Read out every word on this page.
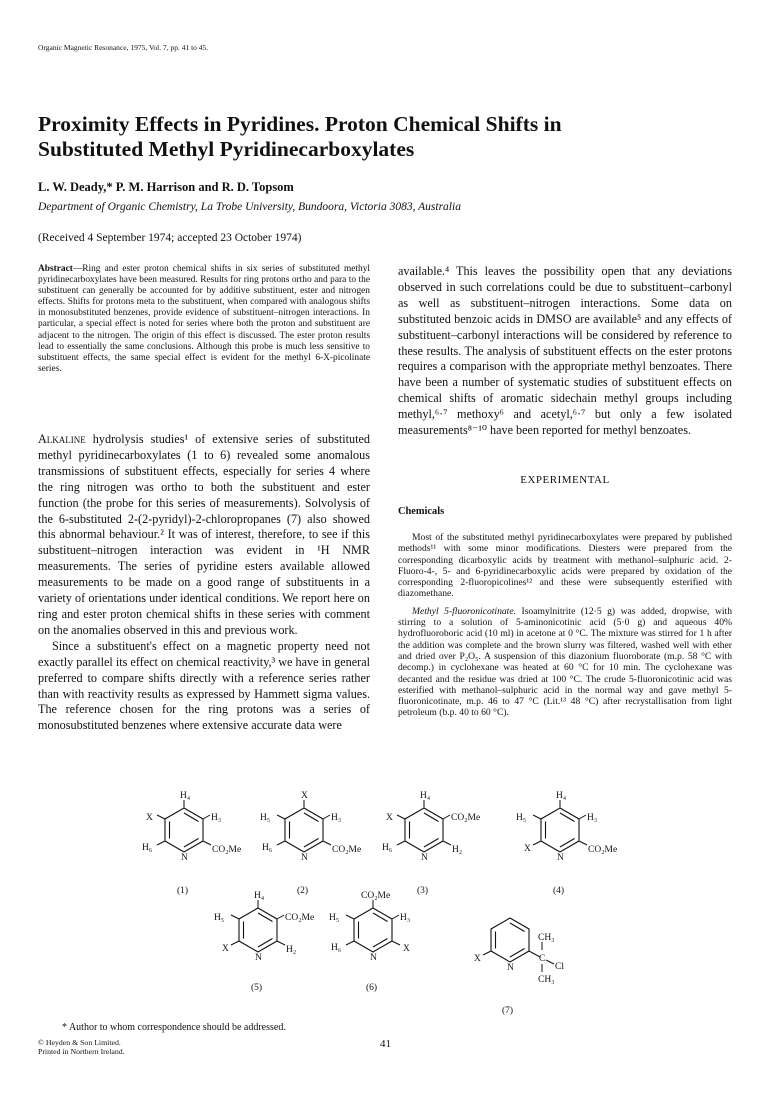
Organic Magnetic Resonance, 1975, Vol. 7, pp. 41 to 45.
Proximity Effects in Pyridines. Proton Chemical Shifts in
Substituted Methyl Pyridinecarboxylates
L. W. Deady,* P. M. Harrison and R. D. Topsom
Department of Organic Chemistry, La Trobe University, Bundoora, Victoria 3083, Australia
(Received 4 September 1974; accepted 23 October 1974)
Abstract—Ring and ester proton chemical shifts in six series of substituted methyl pyridinecarboxylates have been measured. Results for ring protons ortho and para to the substituent can generally be accounted for by additive substituent, ester and nitrogen effects. Shifts for protons meta to the substituent, when compared with analogous shifts in monosubstituted benzenes, provide evidence of substituent–nitrogen interactions. In particular, a special effect is noted for series where both the proton and substituent are adjacent to the nitrogen. The origin of this effect is discussed. The ester proton results lead to essentially the same conclusions. Although this probe is much less sensitive to substituent effects, the same special effect is evident for the methyl 6-X-picolinate series.

Alkaline hydrolysis studies¹ of extensive series of substituted methyl pyridinecarboxylates (1 to 6) revealed some anomalous transmissions of substituent effects, especially for series 4 where the ring nitrogen was ortho to both the substituent and ester function (the probe for this series of measurements). Solvolysis of the 6-substituted 2-(2-pyridyl)-2-chloropropanes (7) also showed this abnormal behaviour.² It was of interest, therefore, to see if this substituent–nitrogen interaction was evident in ¹H NMR measurements. The series of pyridine esters available allowed measurements to be made on a good range of substituents in a variety of orientations under identical conditions. We report here on ring and ester proton chemical shifts in these series with comment on the anomalies observed in this and previous work.

Since a substituent's effect on a magnetic property need not exactly parallel its effect on chemical reactivity,³ we have in general preferred to compare shifts directly with a reference series rather than with reactivity results as expressed by Hammett sigma values. The reference chosen for the ring protons was a series of monosubstituted benzenes where extensive accurate data were

available.⁴ This leaves the possibility open that any deviations observed in such correlations could be due to substituent–carbonyl as well as substituent–nitrogen interactions. Some data on substituted benzoic acids in DMSO are available⁵ and any effects of substituent–carbonyl interactions will be considered by reference to these results. The analysis of substituent effects on the ester protons requires a comparison with the appropriate methyl benzoates. There have been a number of systematic studies of substituent effects on chemical shifts of aromatic sidechain methyl groups including methyl,⁶·⁷ methoxy⁶ and acetyl,⁶·⁷ but only a few isolated measurements⁸⁻¹⁰ have been reported for methyl benzoates.

EXPERIMENTAL
Chemicals

Most of the substituted methyl pyridinecarboxylates were prepared by published methods¹¹ with some minor modifications. Diesters were prepared from the corresponding dicarboxylic acids by treatment with methanol–sulphuric acid. 2-Fluoro-4-, 5- and 6-pyridinecarboxylic acids were prepared by oxidation of the corresponding 2-fluoropicolines¹² and these were subsequently esterified with diazomethane.

Methyl 5-fluoronicotinate. Isoamylnitrite (12·5 g) was added, dropwise, with stirring to a solution of 5-aminonicotinic acid (5·0 g) and aqueous 40% hydrofluoroboric acid (10 ml) in acetone at 0 °C. The mixture was stirred for 1 h after the addition was complete and the brown slurry was filtered, washed well with ether and dried over P₂O₅. A suspension of this diazonium fluoroborate (m.p. 58 °C with decomp.) in cyclohexane was heated at 60 °C for 10 min. The cyclohexane was decanted and the residue was dried at 100 °C. The crude 5-fluoronicotinic acid was esterified with methanol–sulphuric acid in the normal way and gave methyl 5-fluoronicotinate, m.p. 46 to 47 °C (Lit.¹³ 48 °C) after recrystallisation from light petroleum (b.p. 40 to 60 °C).

H₄
X	H₃
H₆
N
CO₂Me
(1)
X
H₅	H₃
H₆
N
CO₂Me
(2)
H₄
X	CO₂Me
H₆
N
H₂
(3)
H₄
H₅	H₃
X
N
CO₂Me
(4)
H₄
H₅	CO₂Me
X
N
H₂
(5)
CO₂Me
H₅	H₃
H₆
N
X
(6)
X
N
C
CH₃
CH₃
Cl
(7)
* Author to whom correspondence should be addressed.
© Heyden & Son Limited.
Printed in Northern Ireland.
41
